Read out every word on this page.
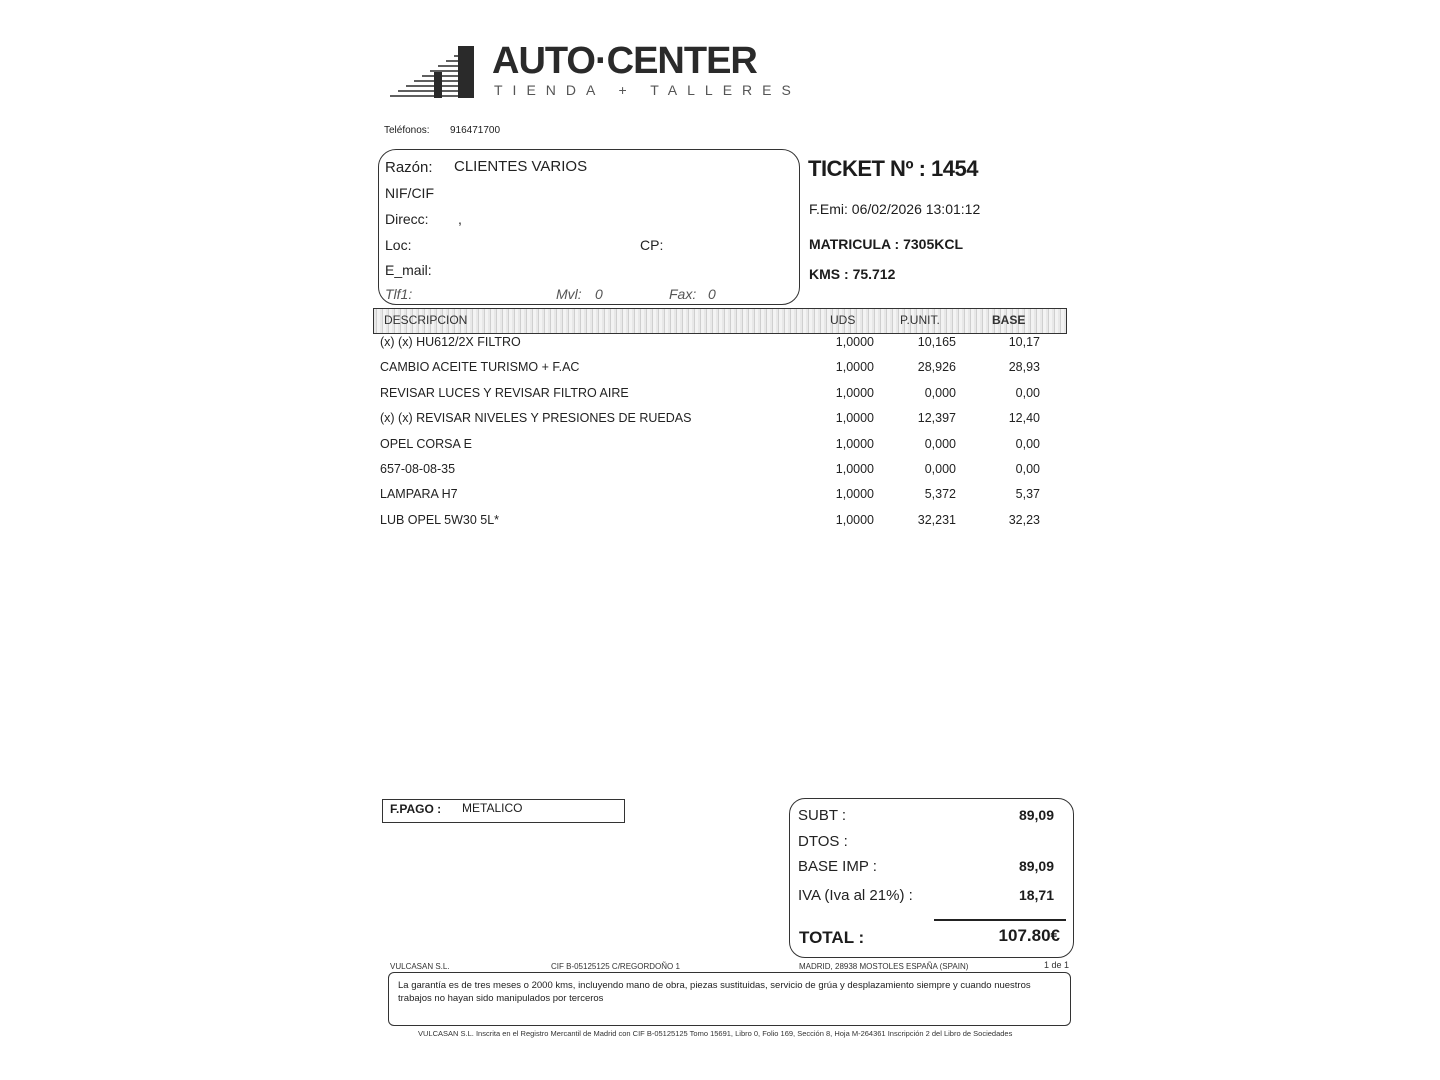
AUTO·CENTER
TIENDA + TALLERES
Teléfonos: 916471700
Razón: CLIENTES VARIOS
NIF/CIF
Direcc: ,
Loc:	CP:
E_mail:
Tlf1:	Mvl: 0	Fax: 0
TICKET Nº : 1454
F.Emi: 06/02/2026 13:01:12
MATRICULA : 7305KCL
KMS : 75.712
DESCRIPCION	UDS	P.UNIT.	BASE
(x) (x) HU612/2X FILTRO	1,0000	10,165	10,17
CAMBIO ACEITE TURISMO + F.AC	1,0000	28,926	28,93
REVISAR LUCES Y REVISAR FILTRO AIRE	1,0000	0,000	0,00
(x) (x) REVISAR NIVELES Y PRESIONES DE RUEDAS	1,0000	12,397	12,40
OPEL CORSA E	1,0000	0,000	0,00
657-08-08-35	1,0000	0,000	0,00
LAMPARA H7	1,0000	5,372	5,37
LUB OPEL 5W30 5L*	1,0000	32,231	32,23
F.PAGO : METALICO	SUBT :	89,09
DTOS :
BASE IMP :	89,09
IVA (Iva al 21%) :	18,71
TOTAL :	107.80€
VULCASAN S.L.	CIF B-05125125 C/REGORDOÑO 1	MADRID, 28938 MOSTOLES ESPAÑA (SPAIN)	1 de 1
La garantía es de tres meses o 2000 kms, incluyendo mano de obra, piezas sustituidas, servicio de grúa y desplazamiento siempre y cuando nuestros trabajos no hayan sido manipulados por terceros
VULCASAN S.L. Inscrita en el Registro Mercantil de Madrid con CIF B-05125125 Tomo 15691, Libro 0, Folio 169, Sección 8, Hoja M-264361 Inscripción 2 del Libro de Sociedades
